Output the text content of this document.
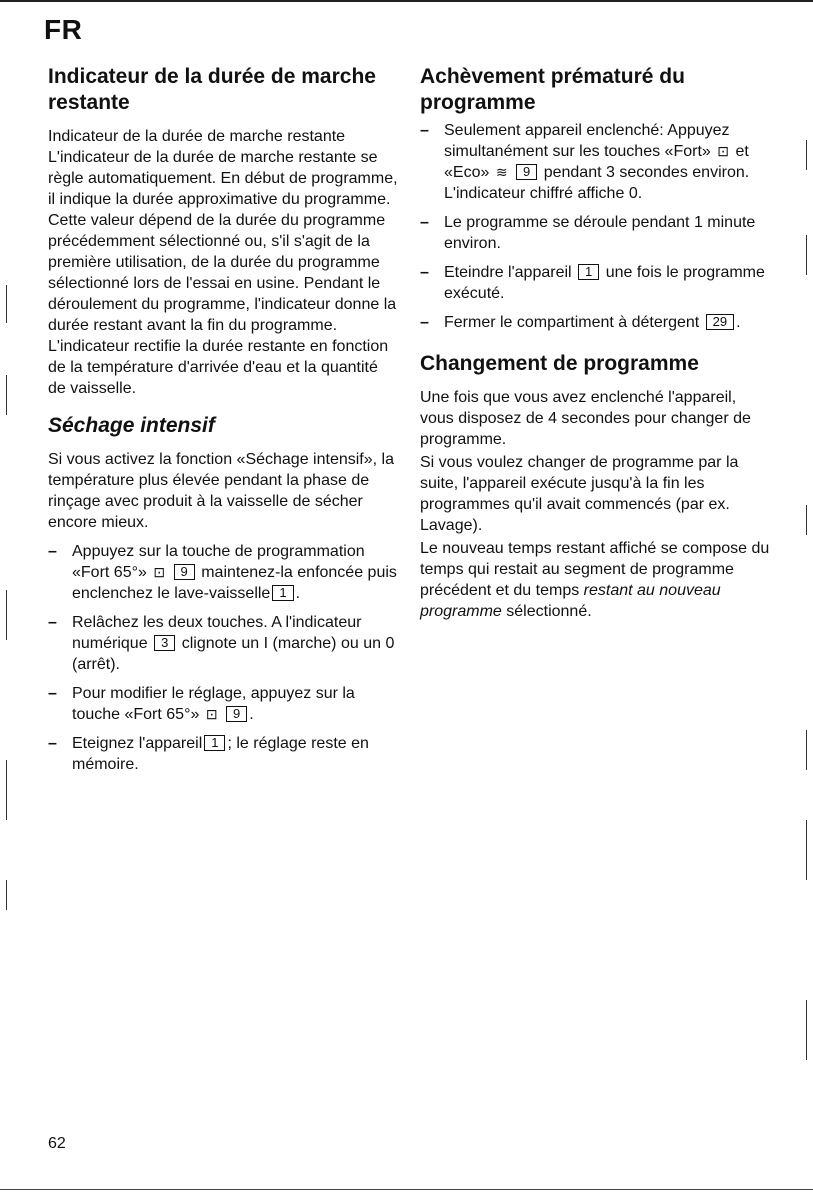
FR
Indicateur de la durée de marche restante

Indicateur de la durée de marche restante L'indicateur de la durée de marche restante se règle automatiquement. En début de programme, il indique la durée approximative du programme. Cette valeur dépend de la durée du programme précédemment sélectionné ou, s'il s'agit de la première utilisation, de la durée du programme sélectionné lors de l'essai en usine. Pendant le déroulement du programme, l'indicateur donne la durée restant avant la fin du programme. L'indicateur rectifie la durée restante en fonction de la température d'arrivée d'eau et la quantité de vaisselle.

Séchage intensif

Si vous activez la fonction «Séchage intensif», la température plus élevée pendant la phase de rinçage avec produit à la vaisselle de sécher encore mieux.

– Appuyez sur la touche de programmation «Fort 65°» ⊡ 9 maintenez-la enfoncée puis enclenchez le lave-vaisselle 1 .
– Relâchez les deux touches. A l'indicateur numérique 3 clignote un I (marche) ou un 0 (arrêt).
– Pour modifier le réglage, appuyez sur la touche «Fort 65°» ⊡ 9 .
– Eteignez l'appareil 1 ; le réglage reste en mémoire.
Achèvement prématuré du programme
– Seulement appareil enclenché: Appuyez simultanément sur les touches «Fort» ⊡ et «Eco» ≋ 9 pendant 3 secondes environ. L'indicateur chiffré affiche 0.
– Le programme se déroule pendant 1 minute environ.
– Eteindre l'appareil 1 une fois le programme exécuté.
– Fermer le compartiment à détergent 29 .
Changement de programme

Une fois que vous avez enclenché l'appareil, vous disposez de 4 secondes pour changer de programme.

Si vous voulez changer de programme par la suite, l'appareil exécute jusqu'à la fin les programmes qu'il avait commencés (par ex. Lavage).

Le nouveau temps restant affiché se compose du temps qui restait au segment de programme précédent et du temps restant au nouveau programme sélectionné.

62
